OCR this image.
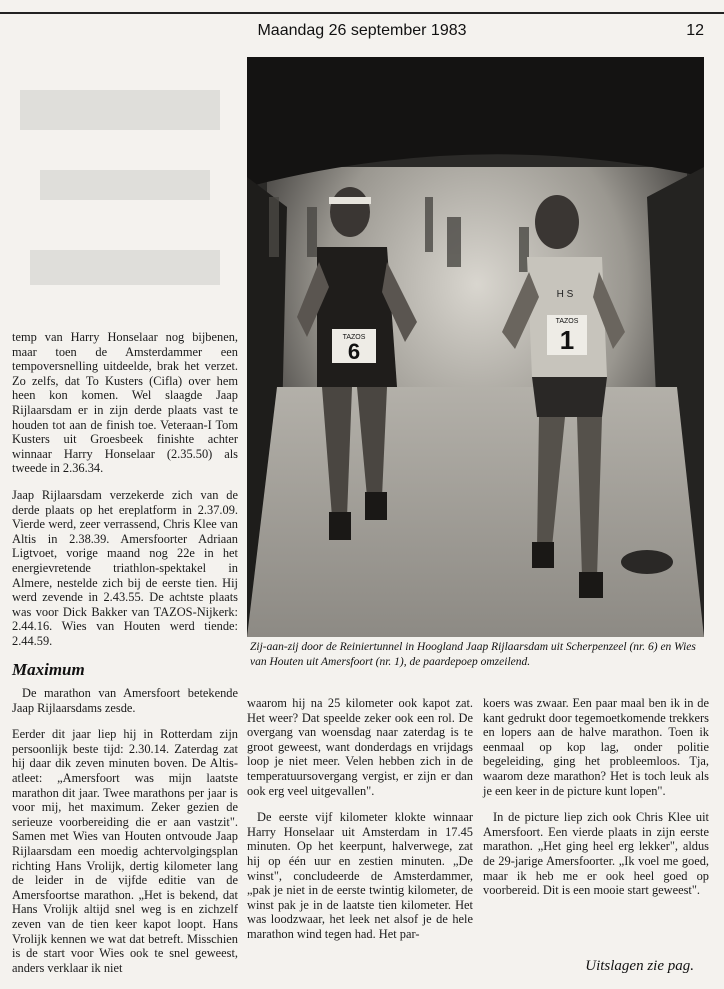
Maandag 26 september 1983	12
6
TAZOS
H S
1
TAZOS
Zij-aan-zij door de Reiniertunnel in Hoogland Jaap Rijlaarsdam uit Scherpenzeel (nr. 6) en Wies van Houten uit Amersfoort (nr. 1), de paardepoep omzeilend.

temp van Harry Honselaar nog bijbenen, maar toen de Amsterdammer een tempoversnelling uitdeelde, brak het verzet. Zo zelfs, dat To Kusters (Cifla) over hem heen kon komen. Wel slaagde Jaap Rijlaarsdam er in zijn derde plaats vast te houden tot aan de finish toe. Veteraan-I Tom Kusters uit Groesbeek finishte achter winnaar Harry Honselaar (2.35.50) als tweede in 2.36.34.

Jaap Rijlaarsdam verzekerde zich van de derde plaats op het ereplatform in 2.37.09. Vierde werd, zeer verrassend, Chris Klee van Altis in 2.38.39. Amersfoorter Adriaan Ligtvoet, vorige maand nog 22e in het energievretende triathlon-spektakel in Almere, nestelde zich bij de eerste tien. Hij werd zevende in 2.43.55. De achtste plaats was voor Dick Bakker van TAZOS-Nijkerk: 2.44.16. Wies van Houten werd tiende: 2.44.59.

Maximum

De marathon van Amersfoort betekende Jaap Rijlaarsdams zesde.

Eerder dit jaar liep hij in Rotterdam zijn persoonlijk beste tijd: 2.30.14. Zaterdag zat hij daar dik zeven minuten boven. De Altis-atleet: „Amersfoort was mijn laatste marathon dit jaar. Twee marathons per jaar is voor mij, het maximum. Zeker gezien de serieuze voorbereiding die er aan vastzit". Samen met Wies van Houten ontvoude Jaap Rijlaarsdam een moedig achtervolgingsplan richting Hans Vrolijk, dertig kilometer lang de leider in de vijfde editie van de Amersfoortse marathon. „Het is bekend, dat Hans Vrolijk altijd snel weg is en zichzelf zeven van de tien keer kapot loopt. Hans Vrolijk kennen we wat dat betreft. Misschien is de start voor Wies ook te snel geweest, anders verklaar ik niet

waarom hij na 25 kilometer ook kapot zat. Het weer? Dat speelde zeker ook een rol. De overgang van woensdag naar zaterdag is te groot geweest, want donderdags en vrijdags loop je niet meer. Velen hebben zich in de temperatuursovergang vergist, er zijn er dan ook erg veel uitgevallen".

De eerste vijf kilometer klokte winnaar Harry Honselaar uit Amsterdam in 17.45 minuten. Op het keerpunt, halverwege, zat hij op één uur en zestien minuten. „De winst", concludeerde de Amsterdammer, „pak je niet in de eerste twintig kilometer, de winst pak je in de laatste tien kilometer. Het was loodzwaar, het leek net alsof je de hele marathon wind tegen had. Het par-

koers was zwaar. Een paar maal ben ik in de kant gedrukt door tegemoetkomende trekkers en lopers aan de halve marathon. Toen ik eenmaal op kop lag, onder politie begeleiding, ging het probleemloos. Tja, waarom deze marathon? Het is toch leuk als je een keer in de picture kunt lopen".

In de picture liep zich ook Chris Klee uit Amersfoort. Een vierde plaats in zijn eerste marathon. „Het ging heel erg lekker", aldus de 29-jarige Amersfoorter. „Ik voel me goed, maar ik heb me er ook heel goed op voorbereid. Dit is een mooie start geweest".

Uitslagen zie pag.
